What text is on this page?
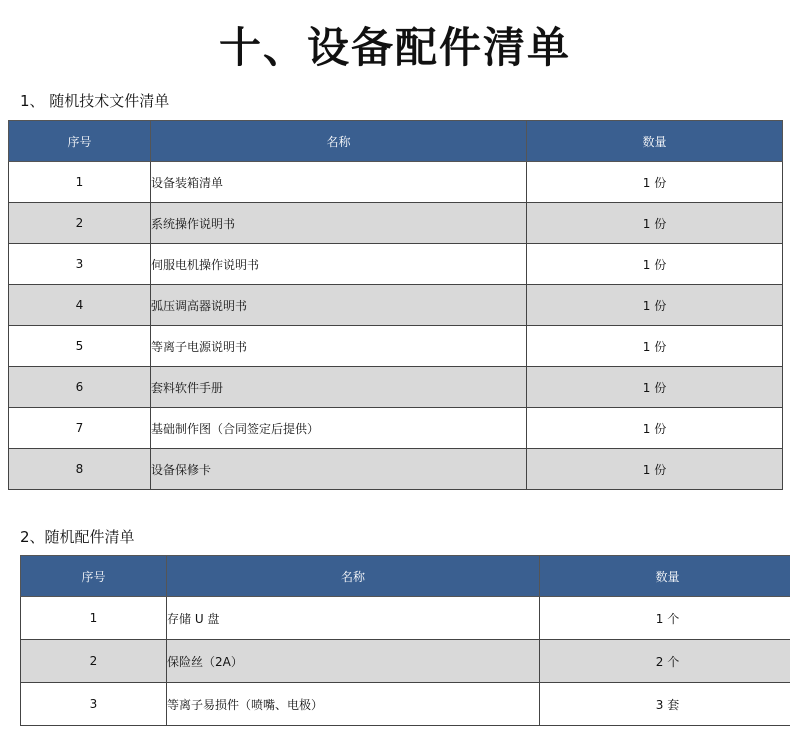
十、设备配件清单
1、 随机技术文件清单
序号	名称	数量
1	设备装箱清单	1 份
2	系统操作说明书	1 份
3	伺服电机操作说明书	1 份
4	弧压调高器说明书	1 份
5	等离子电源说明书	1 份
6	套料软件手册	1 份
7	基础制作图（合同签定后提供）	1 份
8	设备保修卡	1 份
2、随机配件清单
序号	名称	数量
1	存储 U 盘	1 个
2	保险丝（2A）	2 个
3	等离子易损件（喷嘴、电极）	3 套
